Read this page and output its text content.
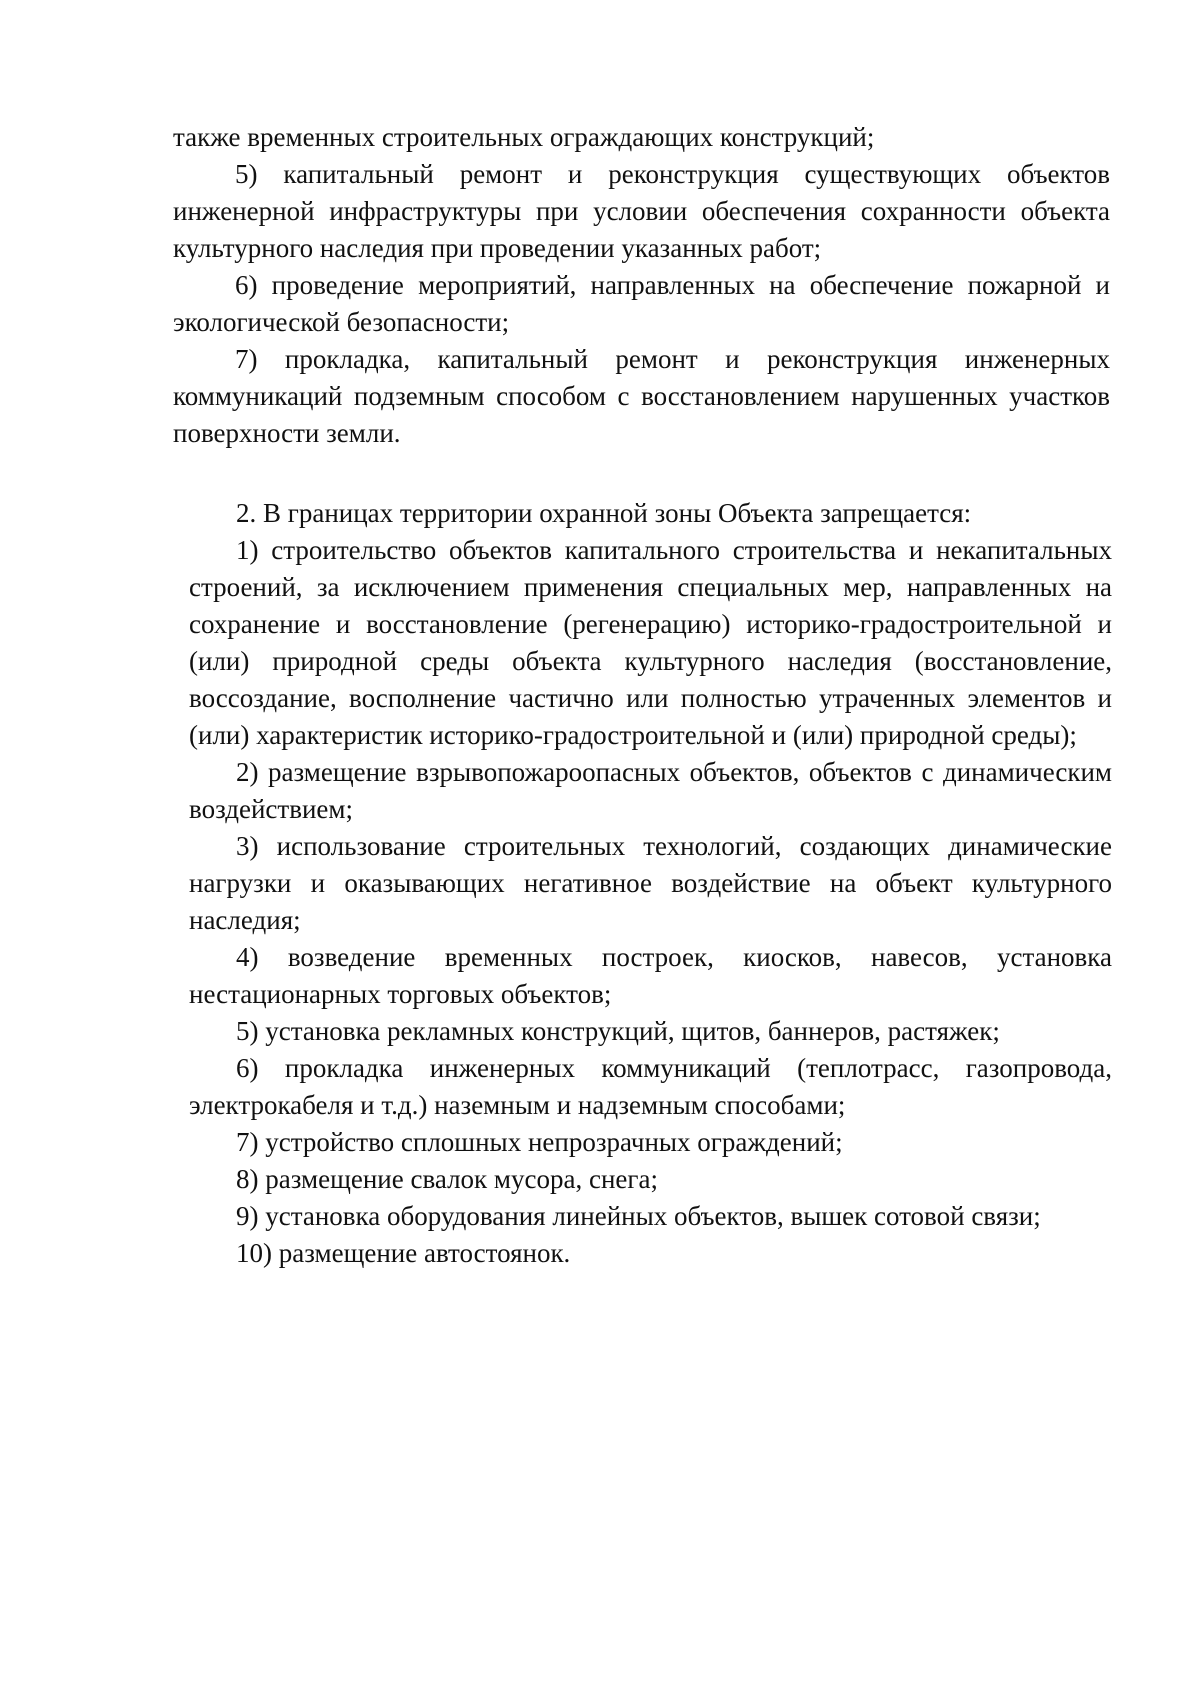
также временных строительных ограждающих конструкций;

5) капитальный ремонт и реконструкция существующих объектов инженерной инфраструктуры при условии обеспечения сохранности объекта культурного наследия при проведении указанных работ;

6) проведение мероприятий, направленных на обеспечение пожарной и экологической безопасности;

7) прокладка, капитальный ремонт и реконструкция инженерных коммуникаций подземным способом с восстановлением нарушенных участков поверхности земли.

2. В границах территории охранной зоны Объекта запрещается:

1) строительство объектов капитального строительства и некапитальных строений, за исключением применения специальных мер, направленных на сохранение и восстановление (регенерацию) историко-градостроительной и (или) природной среды объекта культурного наследия (восстановление, воссоздание, восполнение частично или полностью утраченных элементов и (или) характеристик историко-градостроительной и (или) природной среды);

2) размещение взрывопожароопасных объектов, объектов с динамическим воздействием;

3) использование строительных технологий, создающих динамические нагрузки и оказывающих негативное воздействие на объект культурного наследия;

4) возведение временных построек, киосков, навесов, установка нестационарных торговых объектов;

5) установка рекламных конструкций, щитов, баннеров, растяжек;

6) прокладка инженерных коммуникаций (теплотрасс, газопровода, электрокабеля и т.д.) наземным и надземным способами;

7) устройство сплошных непрозрачных ограждений;

8) размещение свалок мусора, снега;

9) установка оборудования линейных объектов, вышек сотовой связи;

10) размещение автостоянок.
